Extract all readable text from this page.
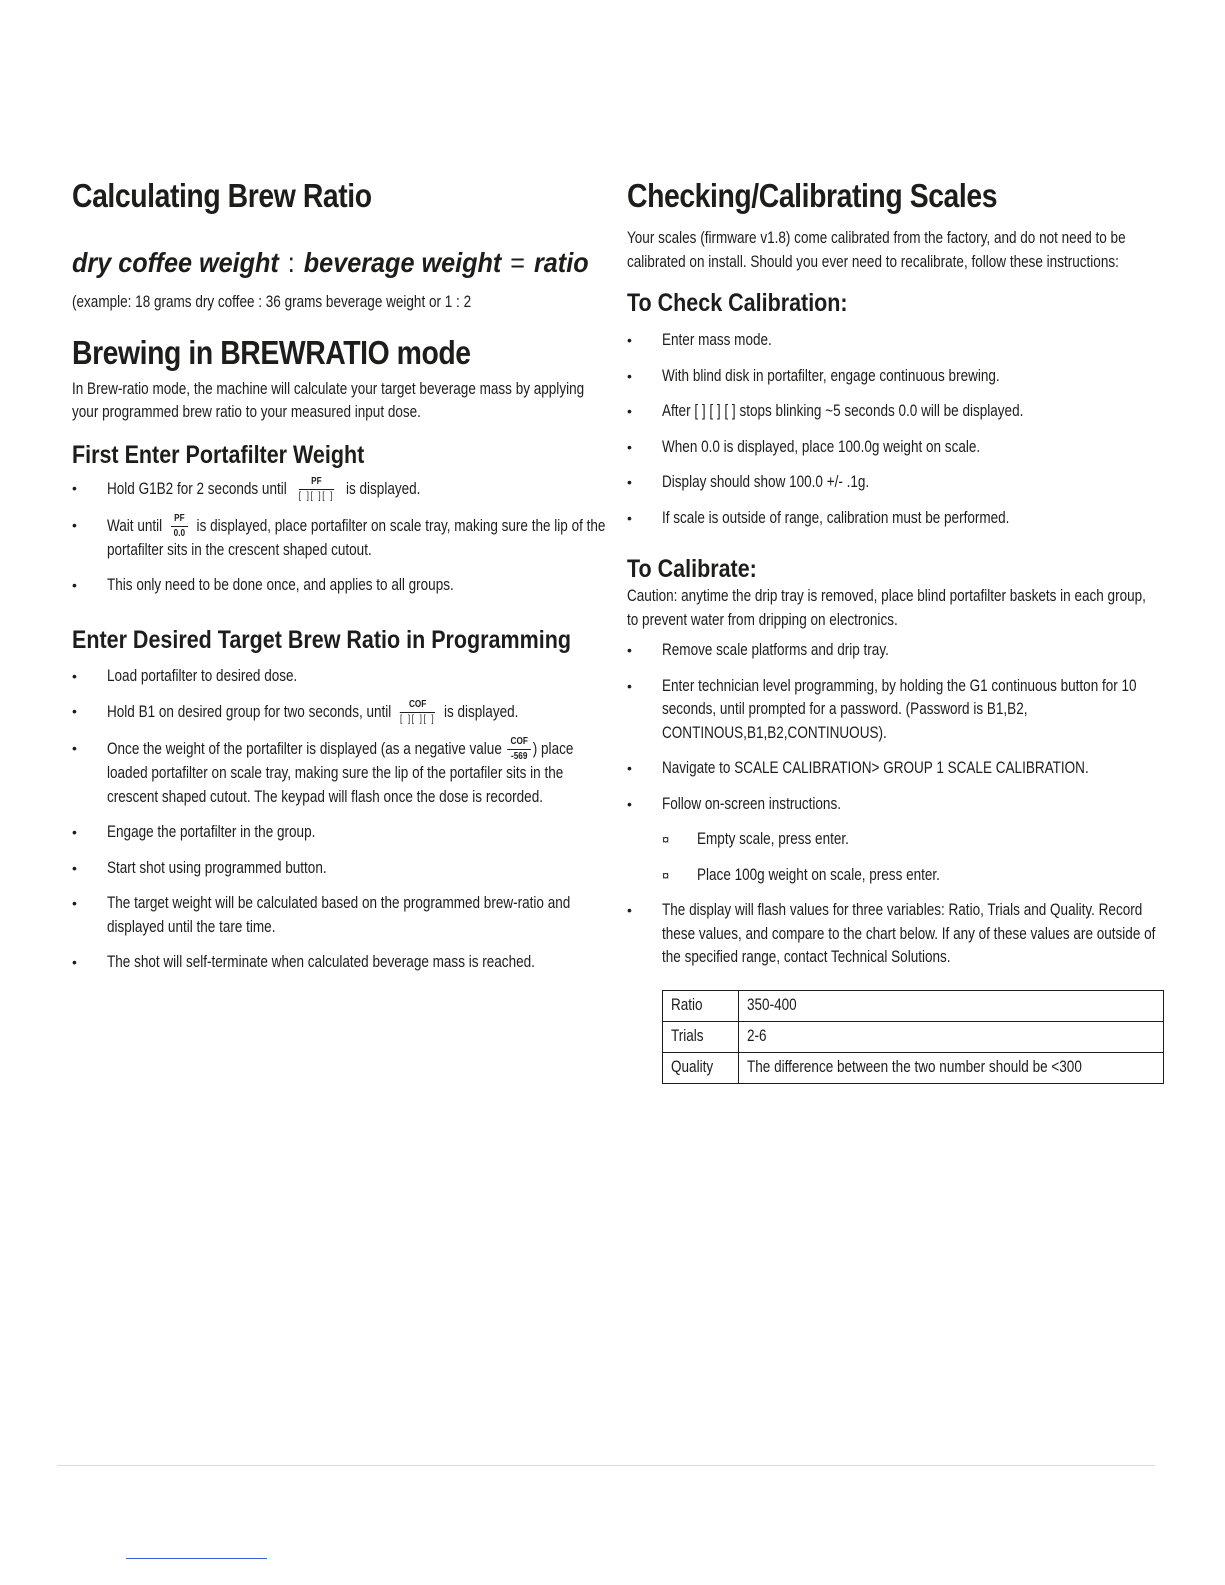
Calculating Brew Ratio
dry coffee weight : beverage weight = ratio

(example: 18 grams dry coffee : 36 grams beverage weight or 1 : 2

Brewing in BREWRATIO mode

In Brew-ratio mode, the machine will calculate your target beverage mass by applying your programmed brew ratio to your measured input dose.

First Enter Portafilter Weight
• Hold G1B2 for 2 seconds until $\frac{PF}{[ ][ ][ ]}$ is displayed.
• Wait until $\frac{PF}{0.0}$ is displayed, place portafilter on scale tray, making sure the lip of the portafilter sits in the crescent shaped cutout.
• This only need to be done once, and applies to all groups.
Enter Desired Target Brew Ratio in Programming
• Load portafilter to desired dose.
• Hold B1 on desired group for two seconds, until $\frac{\text{COF}}{[ ][ ][ ]}$ is displayed.
• Once the weight of the portafilter is displayed (as a negative value $\frac{\text{COF}}{-569}$ ) place loaded portafilter on scale tray, making sure the lip of the portafiler sits in the crescent shaped cutout. The keypad will flash once the dose is recorded.
• Engage the portafilter in the group.
• Start shot using programmed button.
• The target weight will be calculated based on the programmed brew-ratio and displayed until the tare time.
• The shot will self-terminate when calculated beverage mass is reached.
Checking/Calibrating Scales

Your scales (firmware v1.8) come calibrated from the factory, and do not need to be calibrated on install. Should you ever need to recalibrate, follow these instructions:

To Check Calibration:
• Enter mass mode.
• With blind disk in portafilter, engage continuous brewing.
• After [ ] [ ] [ ] stops blinking ~5 seconds 0.0 will be displayed.
• When 0.0 is displayed, place 100.0g weight on scale.
• Display should show 100.0 +/- .1g.
• If scale is outside of range, calibration must be performed.
To Calibrate:

Caution: anytime the drip tray is removed, place blind portafilter baskets in each group, to prevent water from dripping on electronics.

• Remove scale platforms and drip tray.
• Enter technician level programming, by holding the G1 continuous button for 10 seconds, until prompted for a password. (Password is B1,B2, CONTINOUS,B1,B2,CONTINUOUS).
• Navigate to SCALE CALIBRATION> GROUP 1 SCALE CALIBRATION.
• Follow on-screen instructions.
¤ Empty scale, press enter.
¤ Place 100g weight on scale, press enter.
• The display will flash values for three variables: Ratio, Trials and Quality. Record these values, and compare to the chart below. If any of these values are outside of the specified range, contact Technical Solutions.
Ratio	350-400
Trials	2-6
Quality	The difference between the two number should be <300
